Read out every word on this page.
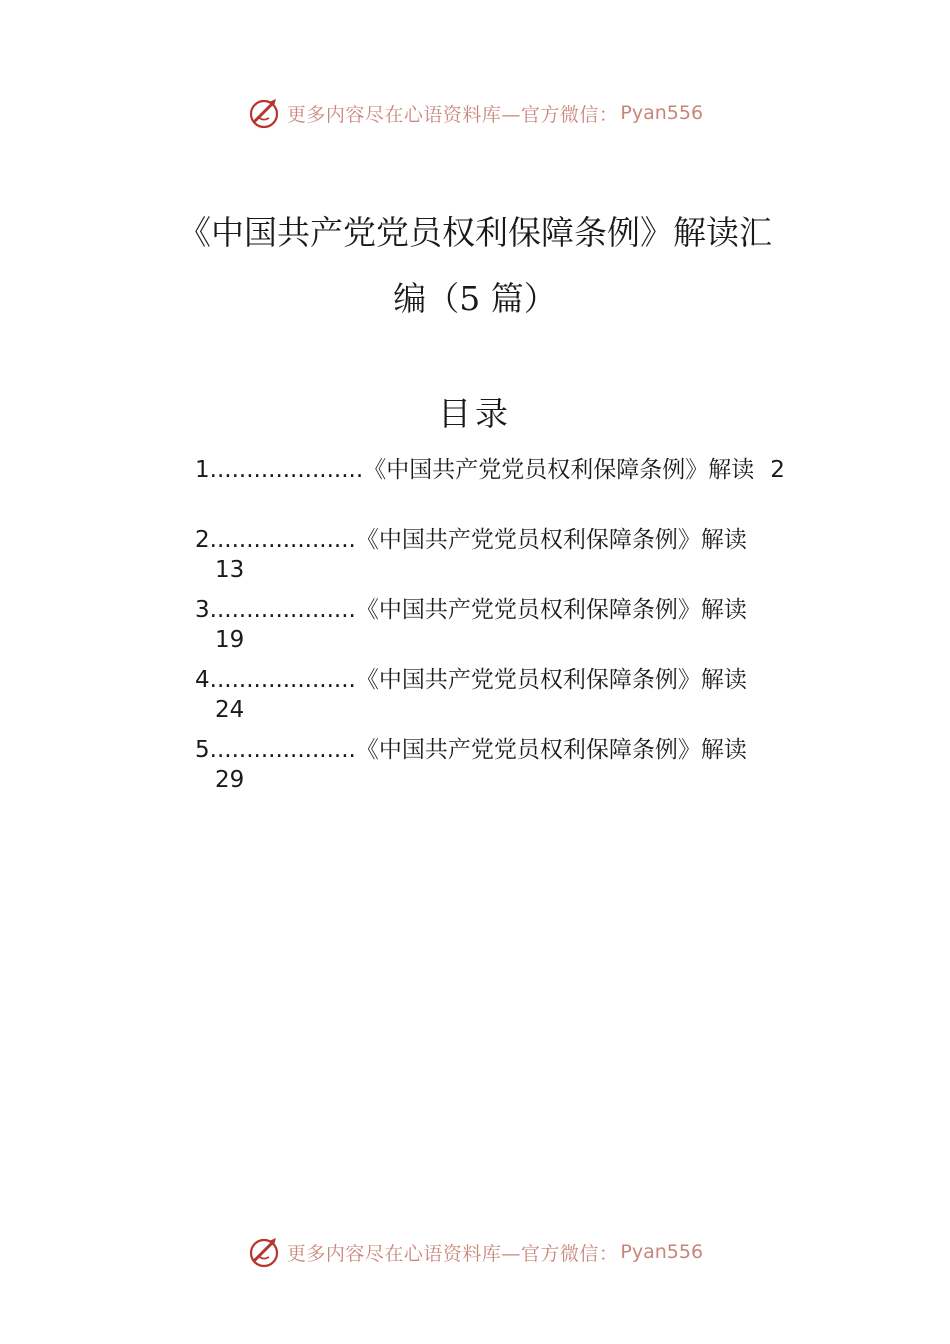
更多内容尽在心语资料库—官方微信： Pyan556
《中国共产党党员权利保障条例》解读汇
编（5 篇）
目录
1.....................《中国共产党党员权利保障条例》解读 2
2....................《中国共产党党员权利保障条例》解读
13
3....................《中国共产党党员权利保障条例》解读
19
4....................《中国共产党党员权利保障条例》解读
24
5....................《中国共产党党员权利保障条例》解读
29
更多内容尽在心语资料库—官方微信： Pyan556
